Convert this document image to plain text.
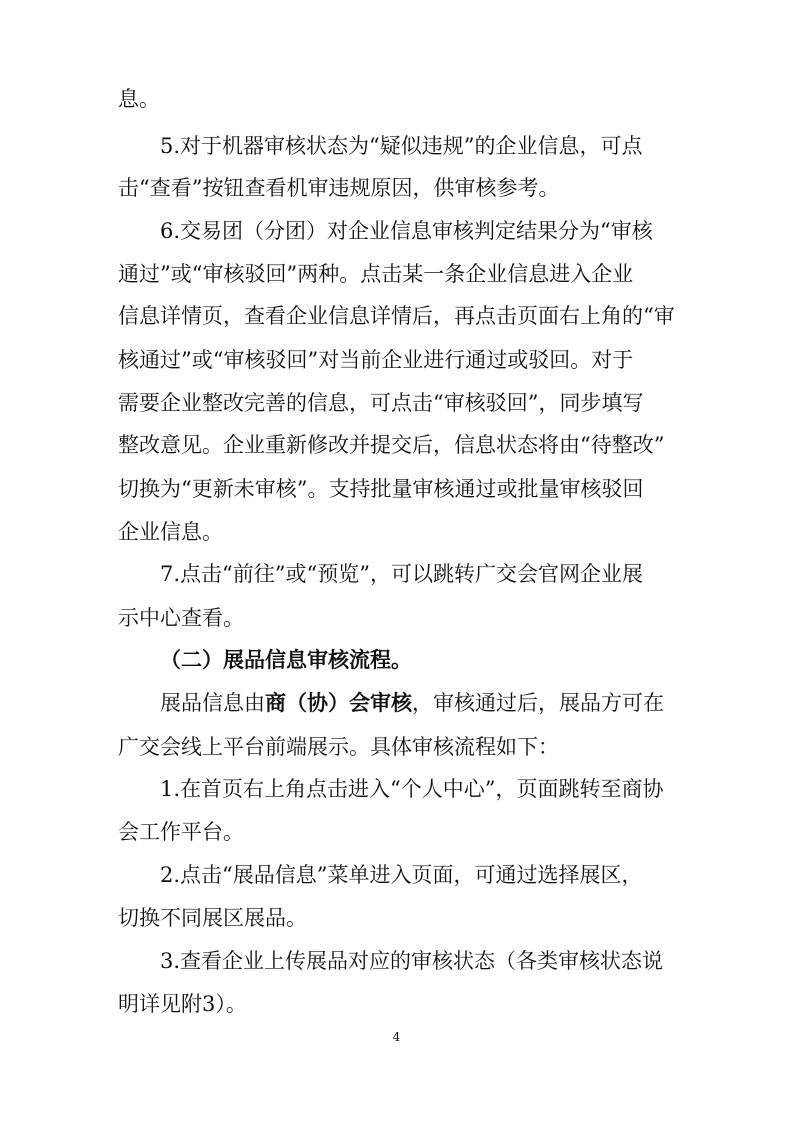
息。
5.对于机器审核状态为“疑似违规”的企业信息，可点
击“查看”按钮查看机审违规原因，供审核参考。
6.交易团（分团）对企业信息审核判定结果分为“审核
通过”或“审核驳回”两种。点击某一条企业信息进入企业
信息详情页，查看企业信息详情后，再点击页面右上角的“审
核通过”或“审核驳回”对当前企业进行通过或驳回。对于
需要企业整改完善的信息，可点击“审核驳回”，同步填写
整改意见。企业重新修改并提交后，信息状态将由“待整改”
切换为“更新未审核”。支持批量审核通过或批量审核驳回
企业信息。
7.点击“前往”或“预览”，可以跳转广交会官网企业展
示中心查看。
（二）展品信息审核流程。
展品信息由商（协）会审核，审核通过后，展品方可在
广交会线上平台前端展示。具体审核流程如下：
1.在首页右上角点击进入“个人中心”，页面跳转至商协
会工作平台。
2.点击“展品信息”菜单进入页面，可通过选择展区，
切换不同展区展品。
3.查看企业上传展品对应的审核状态（各类审核状态说
明详见附3）。
4
